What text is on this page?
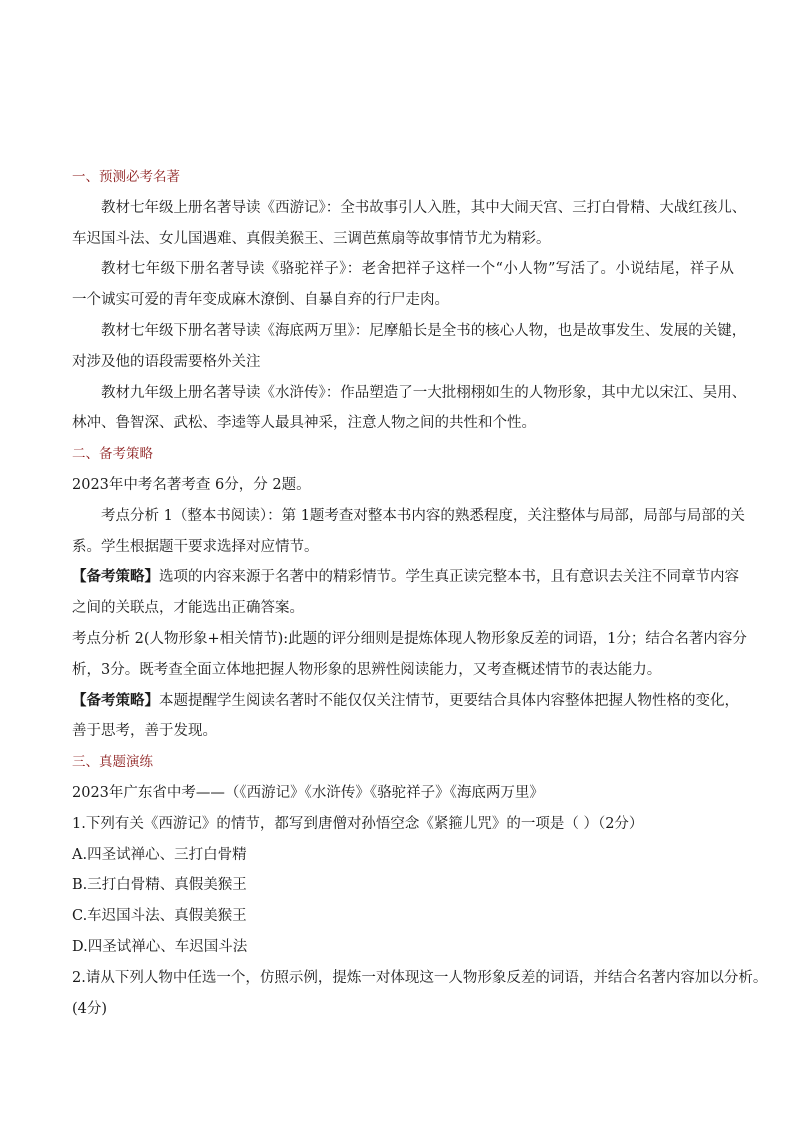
一、预测必考名著
教材七年级上册名著导读《西游记》：全书故事引人入胜，其中大闹天宫、三打白骨精、大战红孩儿、
车迟国斗法、女儿国遇难、真假美猴王、三调芭蕉扇等故事情节尤为精彩。
教材七年级下册名著导读《骆驼祥子》：老舍把祥子这样一个“小人物”写活了。小说结尾，祥子从
一个诚实可爱的青年变成麻木潦倒、自暴自弃的行尸走肉。
教材七年级下册名著导读《海底两万里》：尼摩船长是全书的核心人物，也是故事发生、发展的关键，
对涉及他的语段需要格外关注
教材九年级上册名著导读《水浒传》：作品塑造了一大批栩栩如生的人物形象，其中尤以宋江、吴用、
林冲、鲁智深、武松、李逵等人最具神采，注意人物之间的共性和个性。
二、备考策略
2023年中考名著考查 6分，分 2题。
考点分析 1（整本书阅读）：第 1题考查对整本书内容的熟悉程度，关注整体与局部，局部与局部的关
系。学生根据题干要求选择对应情节。
【备考策略】选项的内容来源于名著中的精彩情节。学生真正读完整本书，且有意识去关注不同章节内容
之间的关联点，才能选出正确答案。
考点分析 2(人物形象+相关情节):此题的评分细则是提炼体现人物形象反差的词语，1分；结合名著内容分
析，3分。既考查全面立体地把握人物形象的思辨性阅读能力，又考查概述情节的表达能力。
【备考策略】本题提醒学生阅读名著时不能仅仅关注情节，更要结合具体内容整体把握人物性格的变化，
善于思考，善于发现。
三、真题演练
2023年广东省中考——（《西游记》《水浒传》《骆驼祥子》《海底两万里》
1.下列有关《西游记》的情节，都写到唐僧对孙悟空念《紧箍儿咒》的一项是（ ）（2分）
A.四圣试禅心、三打白骨精
B.三打白骨精、真假美猴王
C.车迟国斗法、真假美猴王
D.四圣试禅心、车迟国斗法
2.请从下列人物中任选一个，仿照示例，提炼一对体现这一人物形象反差的词语，并结合名著内容加以分析。
(4分)
